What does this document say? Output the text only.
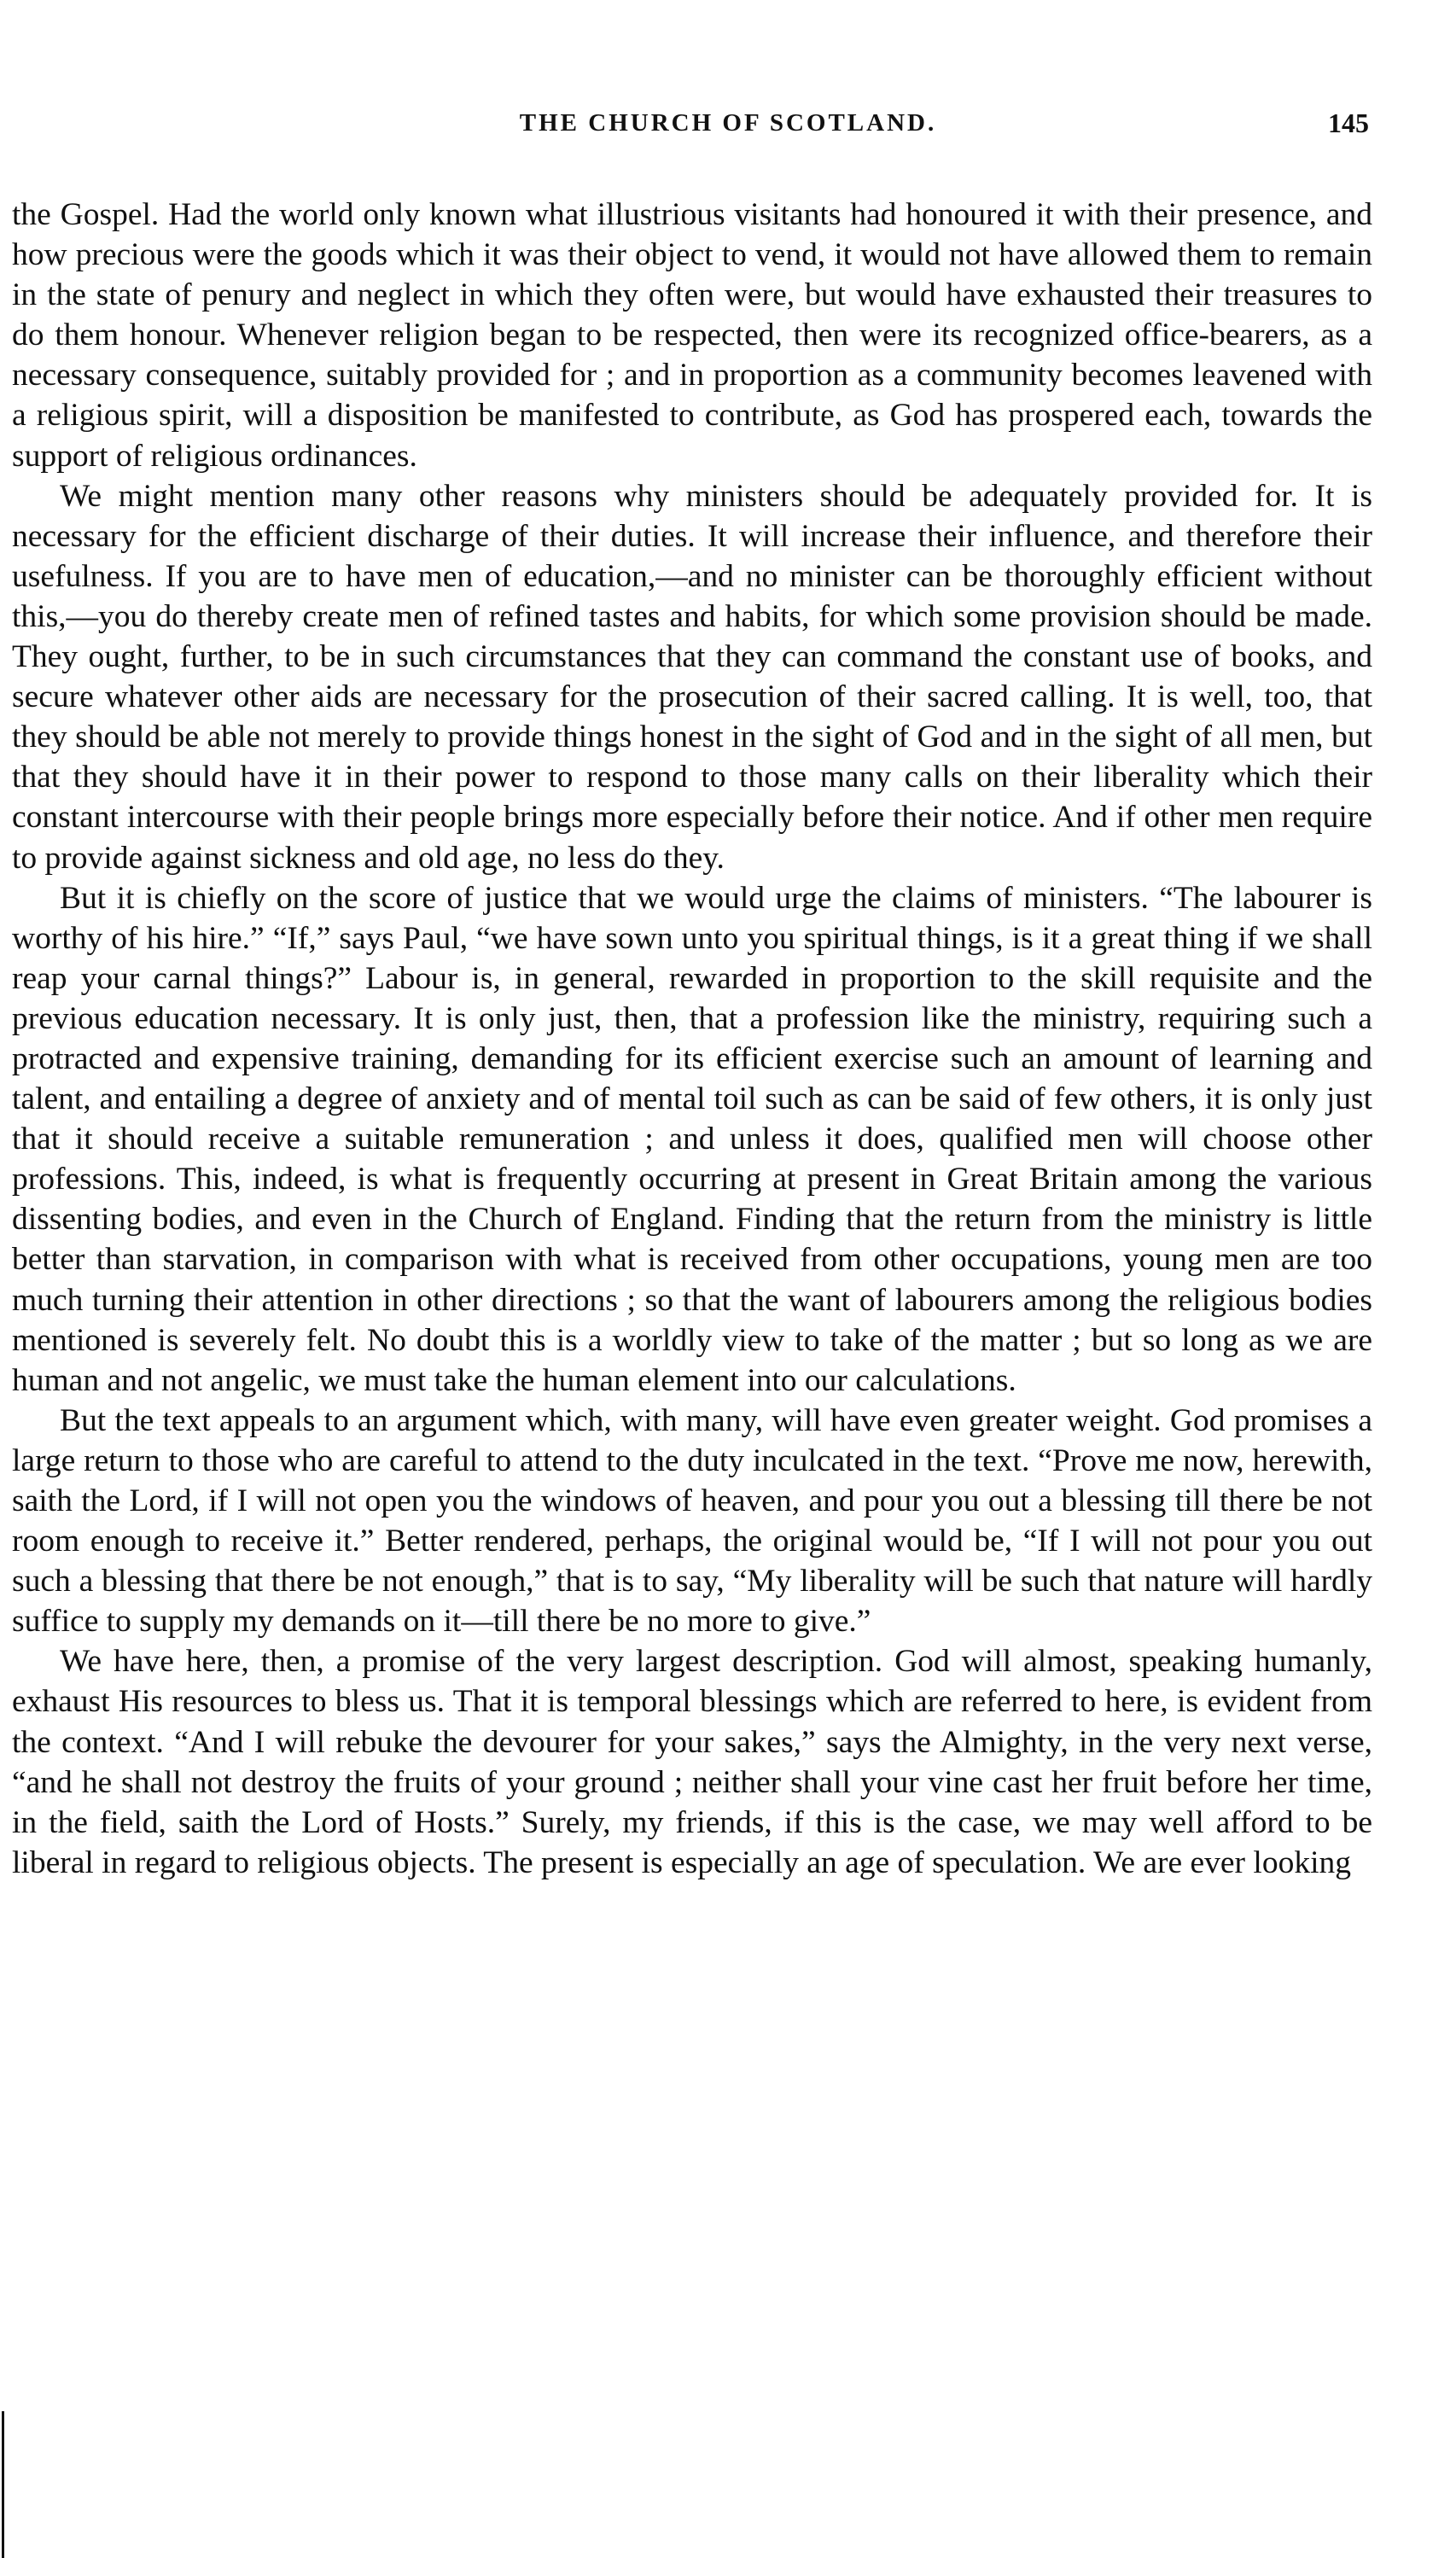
THE CHURCH OF SCOTLAND.	145

the Gospel. Had the world only known what illustrious visitants had honoured it with their presence, and how precious were the goods which it was their object to vend, it would not have allowed them to remain in the state of penury and neglect in which they often were, but would have exhausted their treasures to do them honour. Whenever religion began to be respected, then were its recognized office-bearers, as a necessary consequence, suitably provided for ; and in proportion as a community becomes leavened with a religious spirit, will a disposition be manifested to contribute, as God has prospered each, towards the support of religious ordinances.

We might mention many other reasons why ministers should be adequately provided for. It is necessary for the efficient discharge of their duties. It will increase their influence, and therefore their usefulness. If you are to have men of education,—and no minister can be thoroughly efficient without this,—you do thereby create men of refined tastes and habits, for which some provision should be made. They ought, further, to be in such circumstances that they can command the constant use of books, and secure whatever other aids are necessary for the prosecution of their sacred calling. It is well, too, that they should be able not merely to provide things honest in the sight of God and in the sight of all men, but that they should have it in their power to respond to those many calls on their liberality which their constant intercourse with their people brings more especially before their notice. And if other men require to provide against sickness and old age, no less do they.

But it is chiefly on the score of justice that we would urge the claims of ministers. “The labourer is worthy of his hire.” “If,” says Paul, “we have sown unto you spiritual things, is it a great thing if we shall reap your carnal things?” Labour is, in general, rewarded in proportion to the skill requisite and the previous education necessary. It is only just, then, that a profession like the ministry, requiring such a protracted and expensive training, demanding for its efficient exercise such an amount of learning and talent, and entailing a degree of anxiety and of mental toil such as can be said of few others, it is only just that it should receive a suitable remuneration ; and unless it does, qualified men will choose other professions. This, indeed, is what is frequently occurring at present in Great Britain among the various dissenting bodies, and even in the Church of England. Finding that the return from the ministry is little better than starvation, in comparison with what is received from other occupations, young men are too much turning their attention in other directions ; so that the want of labourers among the religious bodies mentioned is severely felt. No doubt this is a worldly view to take of the matter ; but so long as we are human and not angelic, we must take the human element into our calculations.

But the text appeals to an argument which, with many, will have even greater weight. God promises a large return to those who are careful to attend to the duty inculcated in the text. “Prove me now, herewith, saith the Lord, if I will not open you the windows of heaven, and pour you out a blessing till there be not room enough to receive it.” Better rendered, perhaps, the original would be, “If I will not pour you out such a blessing that there be not enough,” that is to say, “My liberality will be such that nature will hardly suffice to supply my demands on it—till there be no more to give.”

We have here, then, a promise of the very largest description. God will almost, speaking humanly, exhaust His resources to bless us. That it is temporal blessings which are referred to here, is evident from the context. “And I will rebuke the devourer for your sakes,” says the Almighty, in the very next verse, “and he shall not destroy the fruits of your ground ; neither shall your vine cast her fruit before her time, in the field, saith the Lord of Hosts.” Surely, my friends, if this is the case, we may well afford to be liberal in regard to religious objects. The present is especially an age of speculation. We are ever looking
